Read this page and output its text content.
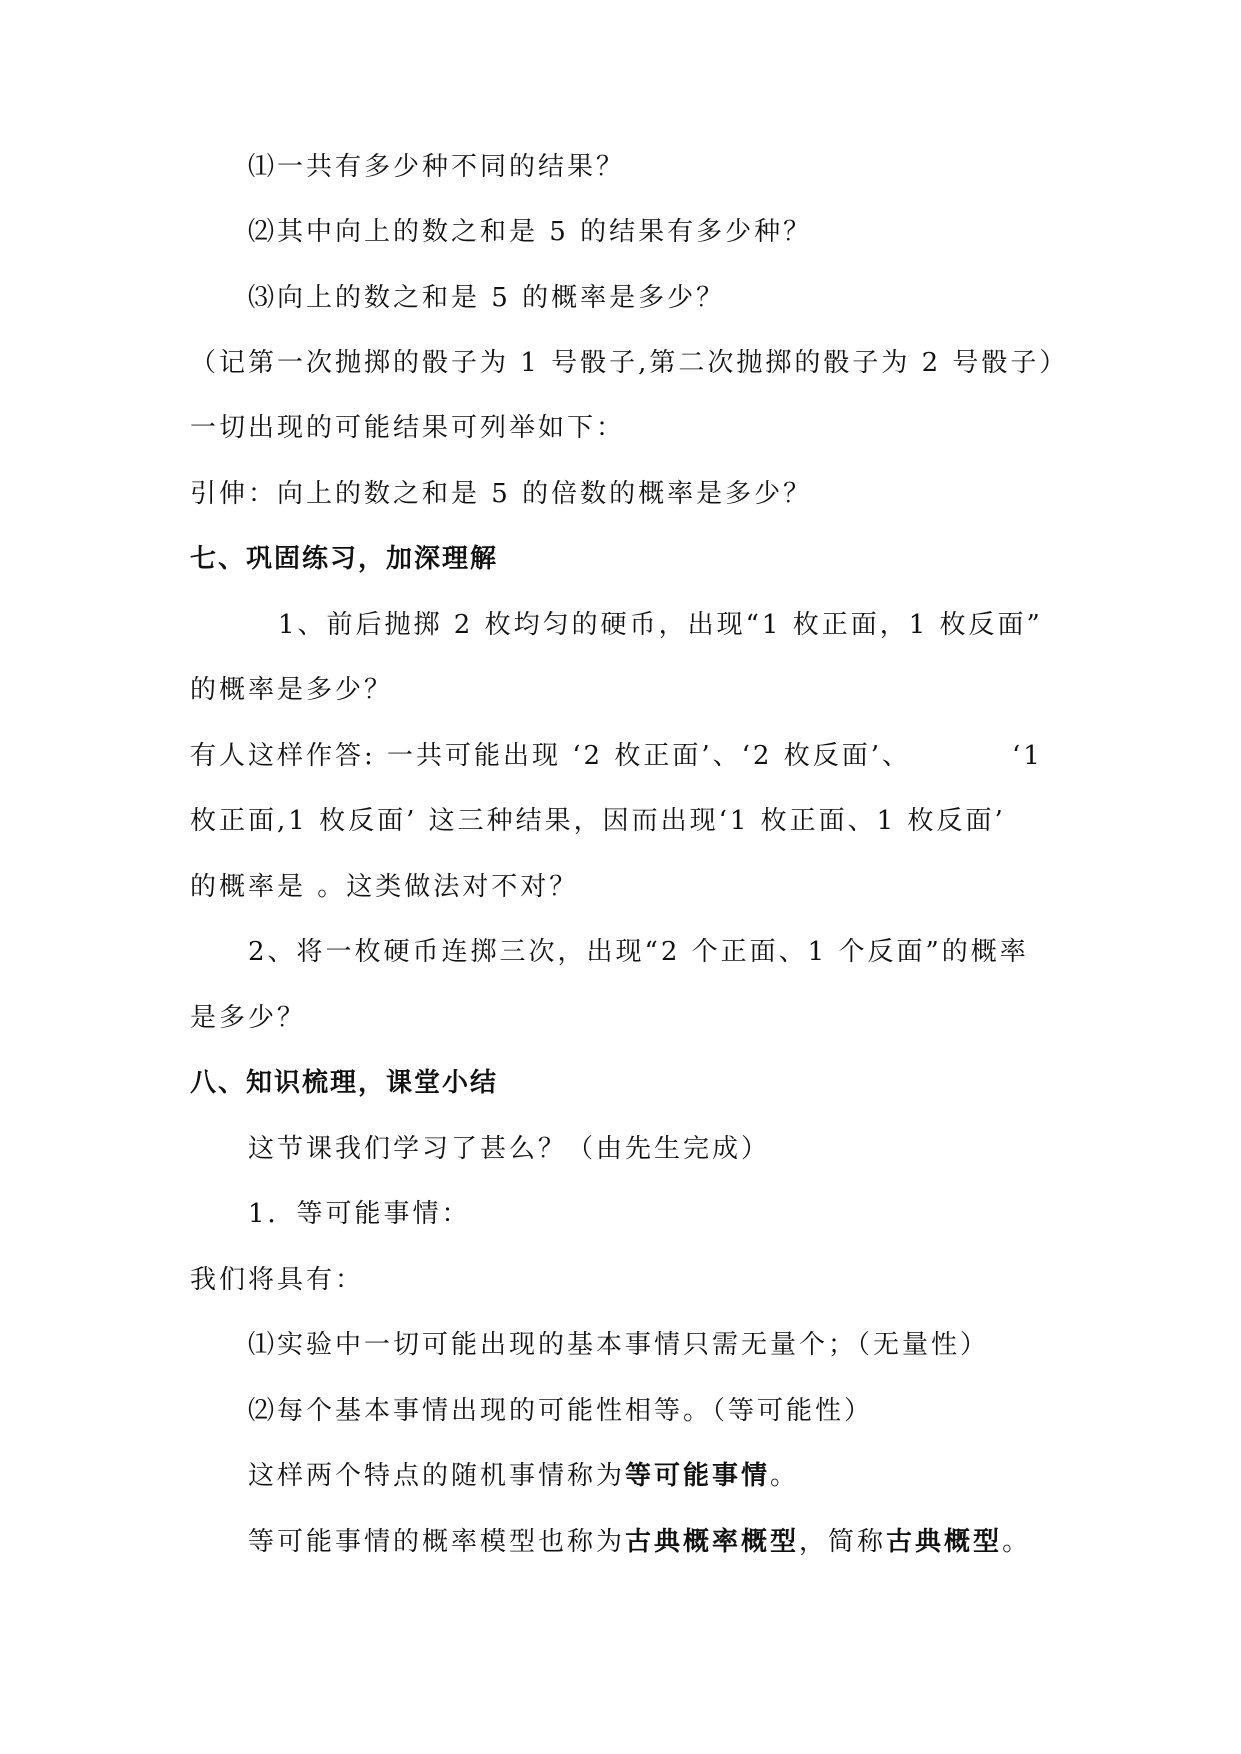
⑴一共有多少种不同的结果？
⑵其中向上的数之和是 5 的结果有多少种？
⑶向上的数之和是 5 的概率是多少？
（记第一次抛掷的骰子为 1 号骰子,第二次抛掷的骰子为 2 号骰子）
一切出现的可能结果可列举如下：
引伸：向上的数之和是 5 的倍数的概率是多少？
七、巩固练习，加深理解
1、前后抛掷 2 枚均匀的硬币，出现“1 枚正面，1 枚反面”
的概率是多少？
有人这样作答: 一共可能出现 ‘2 枚正面’、‘2 枚反面’、	‘1
枚正面,1 枚反面’ 这三种结果，因而出现‘1 枚正面、1 枚反面’
的概率是 。这类做法对不对？
2、将一枚硬币连掷三次，出现“2 个正面、1 个反面”的概率
是多少？
八、知识梳理，课堂小结
这节课我们学习了甚么？（由先生完成）
1．等可能事情：
我们将具有：
⑴实验中一切可能出现的基本事情只需无量个；（无量性）
⑵每个基本事情出现的可能性相等。（等可能性）
这样两个特点的随机事情称为等可能事情。
等可能事情的概率模型也称为古典概率概型，简称古典概型。
